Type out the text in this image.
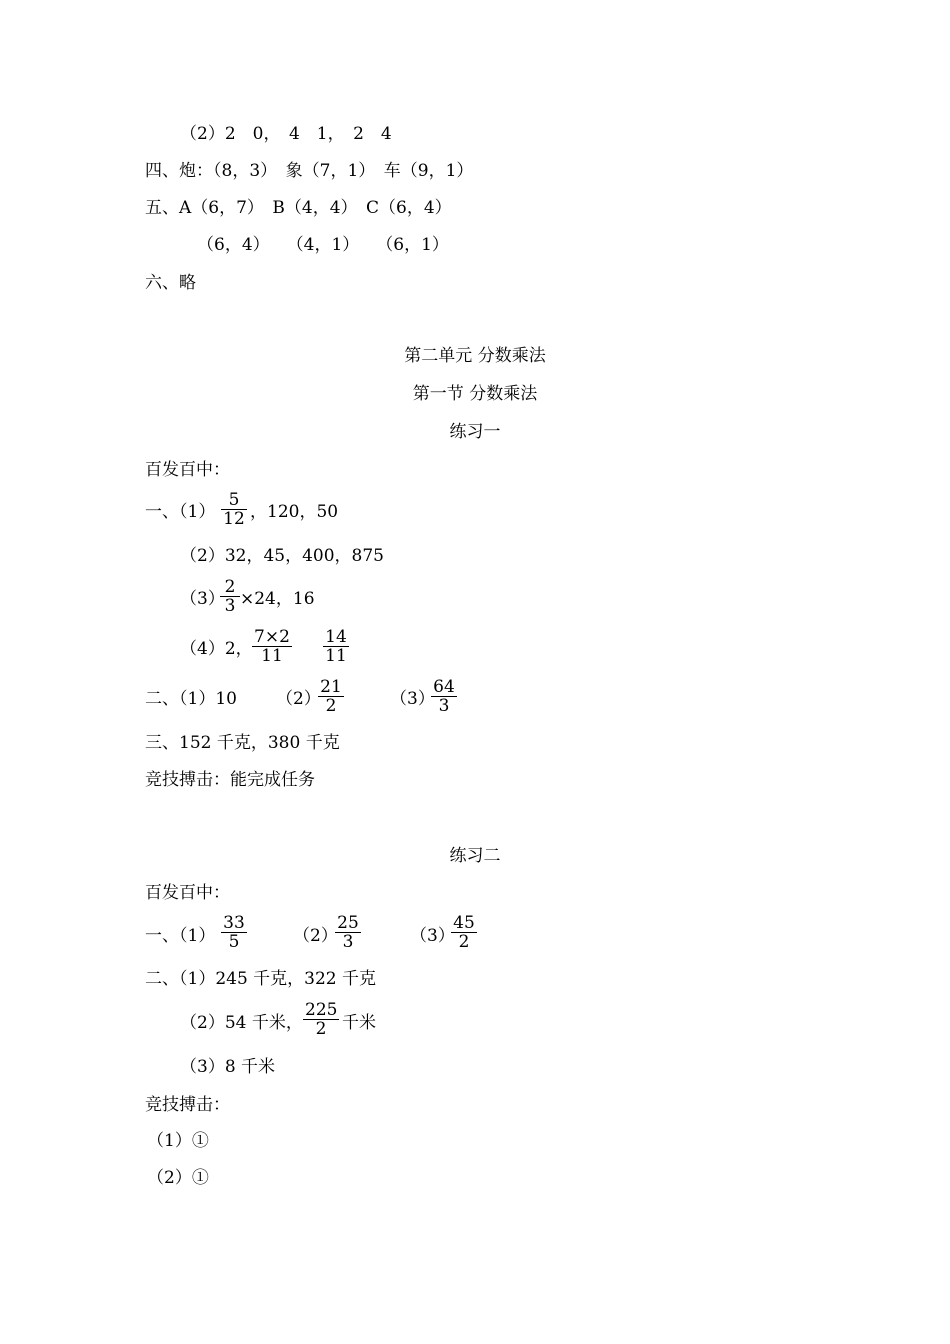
（2）2　0，　4　1，　2　4
四、炮：（8，3）　象（7，1）　车（9，1）
五、A（6，7）　B（4，4）　C（6，4）
（6，4）　　（4，1）　　（6，1）
六、略
第二单元 分数乘法
第一节 分数乘法
练习一
百发百中：
一、$(1) \frac{5}{12}$ ，120，50
（2）32，45，400，875
（3）
$\frac{2}{3} \times 24$，16
（4）2， $\frac{7\times 2}{11} \frac{14}{11}$
二、（1）10 （2）
$\frac{21}{2}$	（3）
$\frac{64}{3}$
三、152 千克，380 千克
竞技搏击：能完成任务
练习二
百发百中：
一、$(1) \frac{33}{5}$	（2）
$\frac{25}{3}$	（3）
$\frac{45}{2}$
二、（1）245 千克，322 千克
（2）54 千米， $\frac{225}{2}$ 千米
（3）8 千米
竞技搏击：
（1）①
（2）①
